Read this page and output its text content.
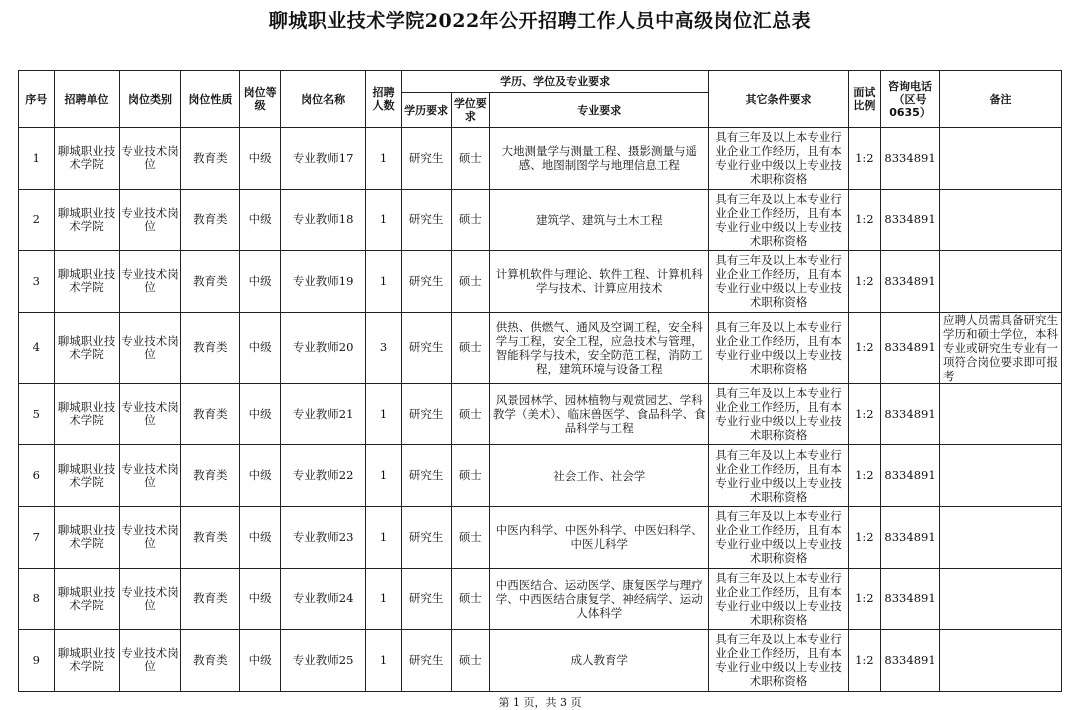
聊城职业技术学院2022年公开招聘工作人员中高级岗位汇总表
序号	招聘单位	岗位类别	岗位性质	岗位等级	岗位名称	招聘人数	学历、学位及专业要求			其它条件要求	面试比例	咨询电话（区号0635）	备注
							学历要求	学位要求	专业要求				
1	聊城职业技术学院	专业技术岗位	教育类	中级	专业教师17	1	研究生	硕士	大地测量学与测量工程、摄影测量与遥感、地图制图学与地理信息工程	具有三年及以上本专业行业企业工作经历，且有本专业行业中级以上专业技术职称资格	1:2	8334891	
2	聊城职业技术学院	专业技术岗位	教育类	中级	专业教师18	1	研究生	硕士	建筑学、建筑与土木工程	具有三年及以上本专业行业企业工作经历，且有本专业行业中级以上专业技术职称资格	1:2	8334891	
3	聊城职业技术学院	专业技术岗位	教育类	中级	专业教师19	1	研究生	硕士	计算机软件与理论、软件工程、计算机科学与技术、计算应用技术	具有三年及以上本专业行业企业工作经历，且有本专业行业中级以上专业技术职称资格	1:2	8334891	
4	聊城职业技术学院	专业技术岗位	教育类	中级	专业教师20	3	研究生	硕士	供热、供燃气、通风及空调工程，安全科学与工程，安全工程，应急技术与管理，智能科学与技术，安全防范工程，消防工程，建筑环境与设备工程	具有三年及以上本专业行业企业工作经历，且有本专业行业中级以上专业技术职称资格	1:2	8334891	应聘人员需具备研究生学历和硕士学位，本科专业或研究生专业有一项符合岗位要求即可报考
5	聊城职业技术学院	专业技术岗位	教育类	中级	专业教师21	1	研究生	硕士	风景园林学、园林植物与观赏园艺、学科教学（美术）、临床兽医学、食品科学、食品科学与工程	具有三年及以上本专业行业企业工作经历，且有本专业行业中级以上专业技术职称资格	1:2	8334891	
6	聊城职业技术学院	专业技术岗位	教育类	中级	专业教师22	1	研究生	硕士	社会工作、社会学	具有三年及以上本专业行业企业工作经历，且有本专业行业中级以上专业技术职称资格	1:2	8334891	
7	聊城职业技术学院	专业技术岗位	教育类	中级	专业教师23	1	研究生	硕士	中医内科学、中医外科学、中医妇科学、中医儿科学	具有三年及以上本专业行业企业工作经历，且有本专业行业中级以上专业技术职称资格	1:2	8334891	
8	聊城职业技术学院	专业技术岗位	教育类	中级	专业教师24	1	研究生	硕士	中西医结合、运动医学、康复医学与理疗学、中西医结合康复学、神经病学、运动人体科学	具有三年及以上本专业行业企业工作经历，且有本专业行业中级以上专业技术职称资格	1:2	8334891	
9	聊城职业技术学院	专业技术岗位	教育类	中级	专业教师25	1	研究生	硕士	成人教育学	具有三年及以上本专业行业企业工作经历，且有本专业行业中级以上专业技术职称资格	1:2	8334891	
第 1 页，共 3 页
